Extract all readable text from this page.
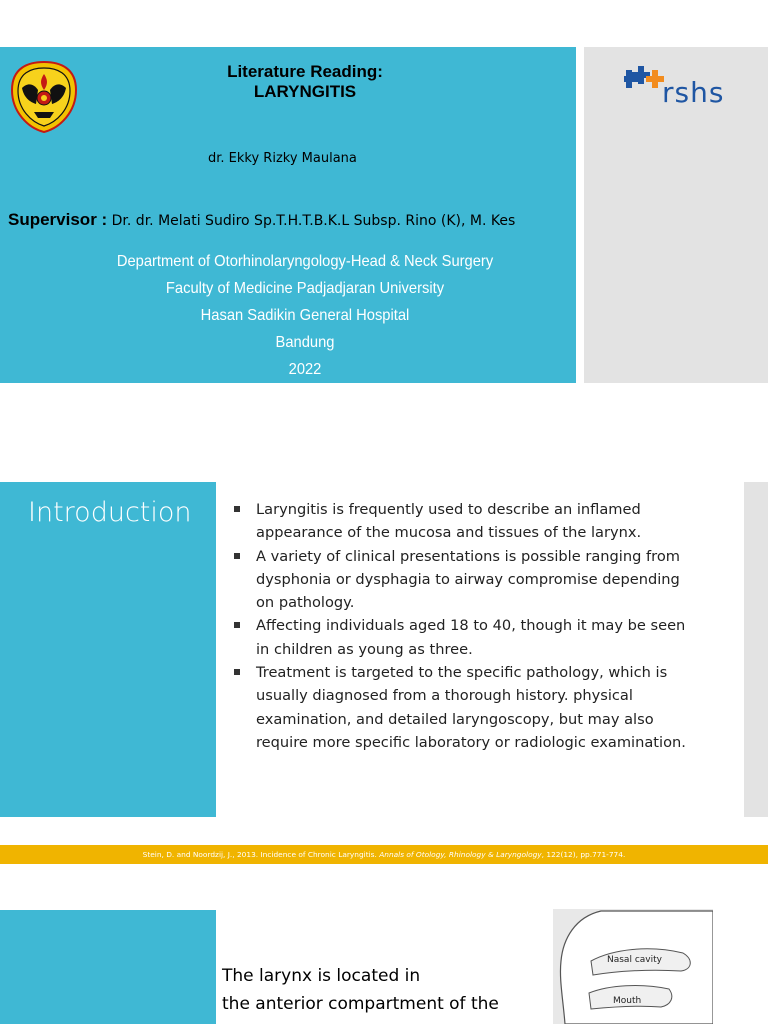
Literature Reading:
LARYNGITIS	rshs
dr. Ekky Rizky Maulana
Supervisor : Dr. dr. Melati Sudiro Sp.T.H.T.B.K.L Subsp. Rino (K), M. Kes
Department of Otorhinolaryngology-Head & Neck Surgery
Faculty of Medicine Padjadjaran University
Hasan Sadikin General Hospital
Bandung
2022
Introduction	Laryngitis is frequently used to describe an inflamed appearance of the mucosa and tissues of the larynx.
A variety of clinical presentations is possible ranging from dysphonia or dysphagia to airway compromise depending on pathology.
Affecting individuals aged 18 to 40, though it may be seen in children as young as three.
Treatment is targeted to the specific pathology, which is usually diagnosed from a thorough history. physical examination, and detailed laryngoscopy, but may also require more specific laboratory or radiologic examination.
Stein, D. and Noordzij, J., 2013. Incidence of Chronic Laryngitis. Annals of Otology, Rhinology & Laryngology, 122(12), pp.771-774.
The larynx is located in
the anterior compartment of the
Nasal cavity
Mouth
